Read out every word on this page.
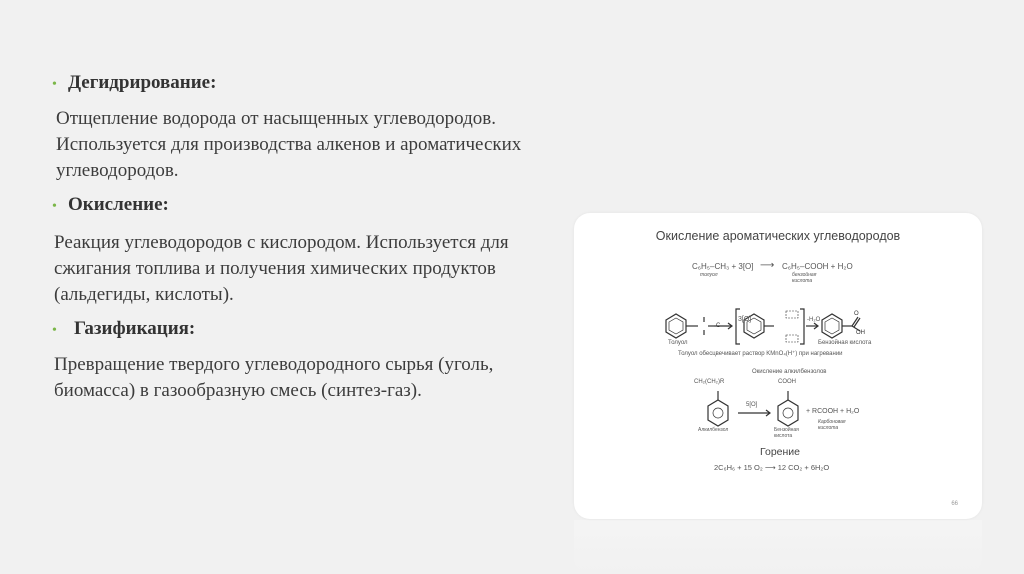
• Дегидрирование:

Отщепление водорода от насыщенных углеводородов. Используется для производства алкенов и ароматических углеводородов.

• Окисление:

Реакция углеводородов с кислородом. Используется для сжигания топлива и получения химических продуктов (альдегиды, кислоты).

• Газификация:

Превращение твердого углеводородного сырья (уголь, биомасса) в газообразную смесь (синтез-газ).

Окисление ароматических углеводородов
C₆H₅–CH₃ + 3[O] ⟶ C₆H₅–COOH + H₂O
толуол	бензойная кислота
C
O
OH
3[O]	-H₂O
Толуол	Бензойная кислота
Толуол обесцвечивает раствор KMnO₄(H⁺) при нагревании
Окисление алкилбензолов
CH₂(CH₂)R	COOH
5[O]
+ RCOOH + H₂O
Алкилбензол	Бензойная кислота
Карбоновая кислота
Горение
2C₆H₆ + 15 O₂ ⟶ 12 CO₂ + 6H₂O
66
